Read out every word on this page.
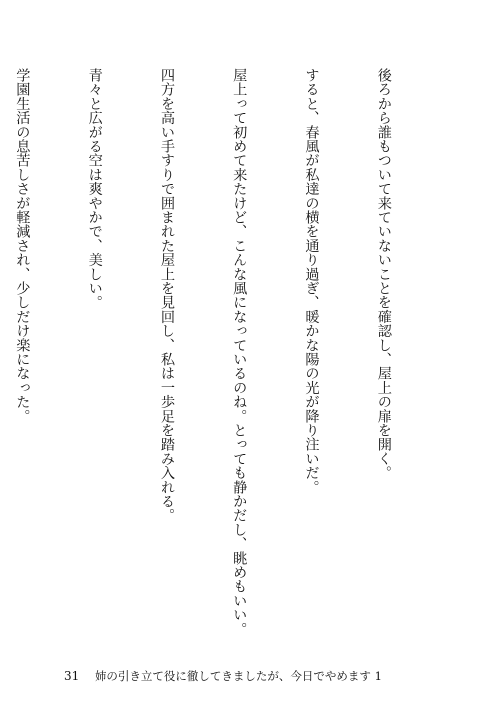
後ろから誰もついて来ていないことを確認し、屋上の扉を開く。

すると、春風が私達の横を通り過ぎ、暖かな陽の光が降り注いだ。

屋上って初めて来たけど、こんな風になっているのね。とっても静かだし、眺めもいい。

四方を高い手すりで囲まれた屋上を見回し、私は一歩足を踏み入れる。

青々と広がる空は爽やかで、美しい。

学園生活の息苦しさが軽減され、少しだけ楽になった。

31 姉の引き立て役に徹してきましたが、今日でやめます 1
